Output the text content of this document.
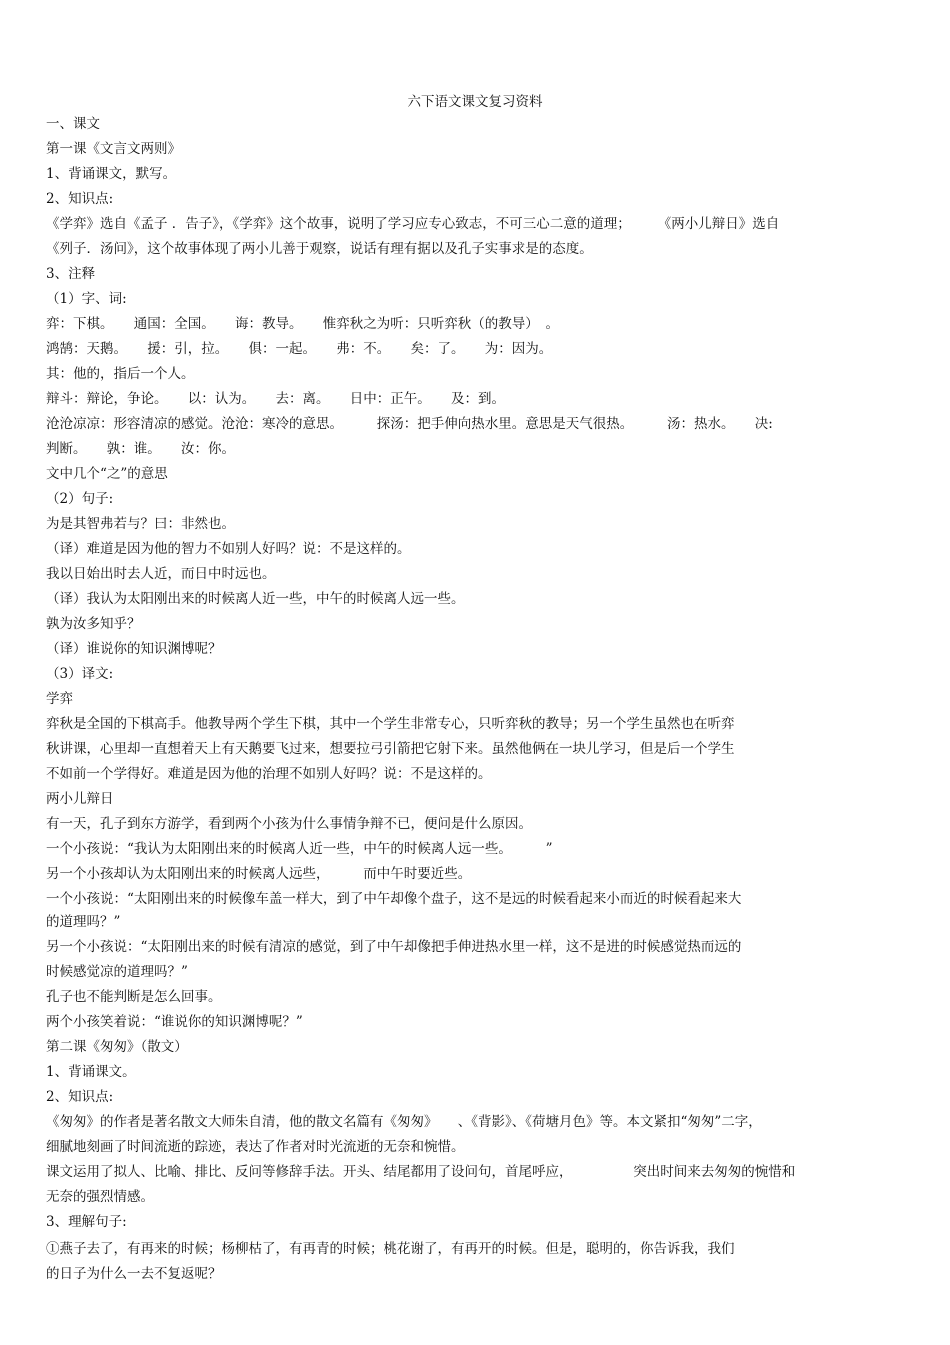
六下语文课文复习资料
一、课文
第一课《文言文两则》
1、背诵课文，默写。
2、知识点:
《学弈》选自《孟子 ．告子》，《学弈》这个故事，说明了学习应专心致志，不可三心二意的道理；　　　《两小儿辩日》选自
《列子．汤问》，这个故事体现了两小儿善于观察，说话有理有据以及孔子实事求是的态度。
3、注释
（1）字、词:
弈：下棋。　　通国：全国。　　诲：教导。　　惟弈秋之为听：只听弈秋（的教导）　。
鸿鹄：天鹅。　　援：引，拉。　　俱：一起。　　弗：不。　　矣：了。　　为：因为。
其：他的，指后一个人。
辩斗：辩论，争论。　　以：认为。　　去：离。　　日中：正午。　　及：到。
沧沧凉凉：形容清凉的感觉。沧沧：寒冷的意思。　　　探汤：把手伸向热水里。意思是天气很热。　　　汤：热水。　　决:
判断。　　孰：谁。　　汝：你。
文中几个“之”的意思
（2）句子:
为是其智弗若与？曰：非然也。
（译）难道是因为他的智力不如别人好吗？说：不是这样的。
我以日始出时去人近，而日中时远也。
（译）我认为太阳刚出来的时候离人近一些，中午的时候离人远一些。
孰为汝多知乎？
（译）谁说你的知识渊博呢？
（3）译文:
学弈
弈秋是全国的下棋高手。他教导两个学生下棋，其中一个学生非常专心，只听弈秋的教导；另一个学生虽然也在听弈
秋讲课，心里却一直想着天上有天鹅要飞过来，想要拉弓引箭把它射下来。虽然他俩在一块儿学习，但是后一个学生
不如前一个学得好。难道是因为他的治理不如别人好吗？说：不是这样的。
两小儿辩日
有一天，孔子到东方游学，看到两个小孩为什么事情争辩不已，便问是什么原因。
一个小孩说：“我认为太阳刚出来的时候离人近一些，中午的时候离人远一些。　　　”
另一个小孩却认为太阳刚出来的时候离人远些，　　　而中午时要近些。
一个小孩说：“太阳刚出来的时候像车盖一样大，到了中午却像个盘子，这不是远的时候看起来小而近的时候看起来大
的道理吗？”
另一个小孩说：“太阳刚出来的时候有清凉的感觉，到了中午却像把手伸进热水里一样，这不是进的时候感觉热而远的
时候感觉凉的道理吗？”
孔子也不能判断是怎么回事。
两个小孩笑着说：“谁说你的知识渊博呢？”
第二课《匆匆》（散文）
1、背诵课文。
2、知识点:
《匆匆》的作者是著名散文大师朱自清，他的散文名篇有《匆匆》　　、《背影》、《荷塘月色》等。本文紧扣“匆匆”二字，
细腻地刻画了时间流逝的踪迹，表达了作者对时光流逝的无奈和惋惜。
课文运用了拟人、比喻、排比、反问等修辞手法。开头、结尾都用了设问句，首尾呼应，　　　　　突出时间来去匆匆的惋惜和
无奈的强烈情感。
3、理解句子:
①燕子去了，有再来的时候；杨柳枯了，有再青的时候；桃花谢了，有再开的时候。但是，聪明的，你告诉我，我们
的日子为什么一去不复返呢？
